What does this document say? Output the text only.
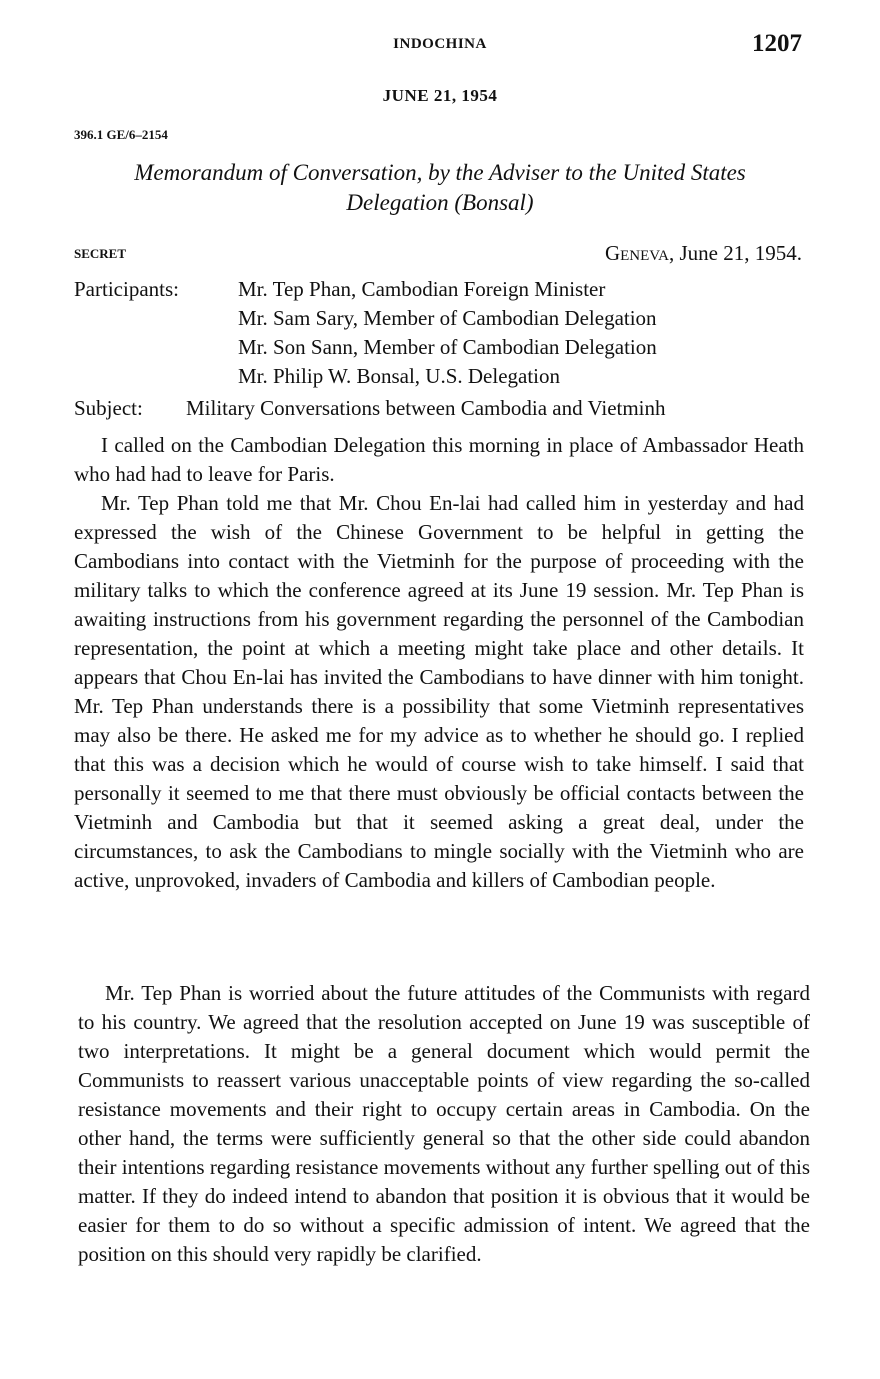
INDOCHINA	1207
JUNE 21, 1954
396.1 GE/6–2154
Memorandum of Conversation, by the Adviser to the United States
Delegation (Bonsal)
SECRET	Geneva, June 21, 1954.
Participants:	Mr. Tep Phan, Cambodian Foreign Minister
Mr. Sam Sary, Member of Cambodian Delegation
Mr. Son Sann, Member of Cambodian Delegation
Mr. Philip W. Bonsal, U.S. Delegation
Subject: Military Conversations between Cambodia and Vietminh

I called on the Cambodian Delegation this morning in place of Ambassador Heath who had had to leave for Paris.

Mr. Tep Phan told me that Mr. Chou En-lai had called him in yesterday and had expressed the wish of the Chinese Government to be helpful in getting the Cambodians into contact with the Vietminh for the purpose of proceeding with the military talks to which the conference agreed at its June 19 session. Mr. Tep Phan is awaiting instructions from his government regarding the personnel of the Cambodian representation, the point at which a meeting might take place and other details. It appears that Chou En-lai has invited the Cambodians to have dinner with him tonight. Mr. Tep Phan understands there is a possibility that some Vietminh representatives may also be there. He asked me for my advice as to whether he should go. I replied that this was a decision which he would of course wish to take himself. I said that personally it seemed to me that there must obviously be official contacts between the Vietminh and Cambodia but that it seemed asking a great deal, under the circumstances, to ask the Cambodians to mingle socially with the Vietminh who are active, unprovoked, invaders of Cambodia and killers of Cambodian people.

Mr. Tep Phan is worried about the future attitudes of the Communists with regard to his country. We agreed that the resolution accepted on June 19 was susceptible of two interpretations. It might be a general document which would permit the Communists to reassert various unacceptable points of view regarding the so-called resistance movements and their right to occupy certain areas in Cambodia. On the other hand, the terms were sufficiently general so that the other side could abandon their intentions regarding resistance movements without any further spelling out of this matter. If they do indeed intend to abandon that position it is obvious that it would be easier for them to do so without a specific admission of intent. We agreed that the position on this should very rapidly be clarified.
